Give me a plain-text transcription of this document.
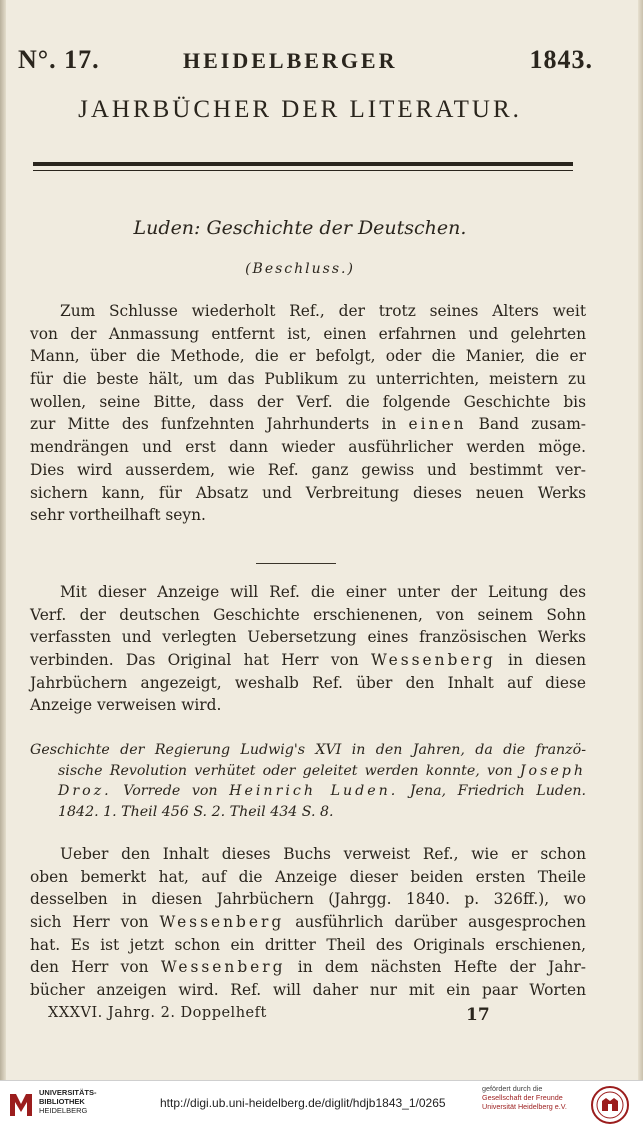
N°. 17.	HEIDELBERGER	1843.
JAHRBÜCHER DER LITERATUR.
Luden: Geschichte der Deutschen.
(Beschluss.)
Zum Schlusse wiederholt Ref., der trotz seines Alters weit
von der Anmassung entfernt ist, einen erfahrnen und gelehrten
Mann, über die Methode, die er befolgt, oder die Manier, die er
für die beste hält, um das Publikum zu unterrichten, meistern zu
wollen, seine Bitte, dass der Verf. die folgende Geschichte bis
zur Mitte des funfzehnten Jahrhunderts in einen Band zusam-
mendrängen und erst dann wieder ausführlicher werden möge.
Dies wird ausserdem, wie Ref. ganz gewiss und bestimmt ver-
sichern kann, für Absatz und Verbreitung dieses neuen Werks
sehr vortheilhaft seyn.
Mit dieser Anzeige will Ref. die einer unter der Leitung des
Verf. der deutschen Geschichte erschienenen, von seinem Sohn
verfassten und verlegten Uebersetzung eines französischen Werks
verbinden. Das Original hat Herr von Wessenberg in diesen
Jahrbüchern angezeigt, weshalb Ref. über den Inhalt auf diese
Anzeige verweisen wird.
Geschichte der Regierung Ludwig's XVI in den Jahren, da die franzö-
sische Revolution verhütet oder geleitet werden konnte, von Joseph
Droz. Vorrede von Heinrich Luden. Jena, Friedrich Luden.
1842. 1. Theil 456 S. 2. Theil 434 S. 8.
Ueber den Inhalt dieses Buchs verweist Ref., wie er schon
oben bemerkt hat, auf die Anzeige dieser beiden ersten Theile
desselben in diesen Jahrbüchern (Jahrgg. 1840. p. 326ff.), wo
sich Herr von Wessenberg ausführlich darüber ausgesprochen
hat. Es ist jetzt schon ein dritter Theil des Originals erschienen,
den Herr von Wessenberg in dem nächsten Hefte der Jahr-
bücher anzeigen wird. Ref. will daher nur mit ein paar Worten
XXXVI. Jahrg. 2. Doppelheft	17
UNIVERSITÄTS-
BIBLIOTHEK
HEIDELBERG
http://digi.ub.uni-heidelberg.de/diglit/hdjb1843_1/0265
gefördert durch die
Gesellschaft der Freunde
Universität Heidelberg e.V.
